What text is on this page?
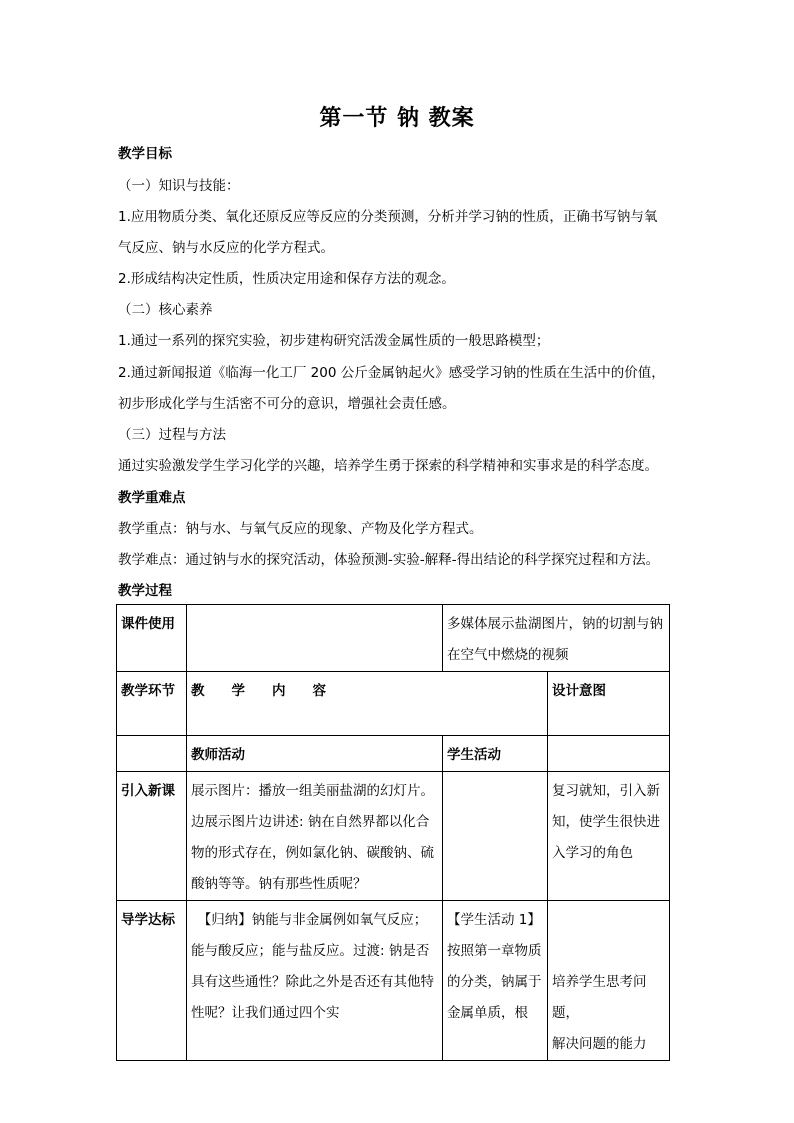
第一节 钠 教案
教学目标
（一）知识与技能：
1.应用物质分类、氧化还原反应等反应的分类预测，分析并学习钠的性质，正确书写钠与氧
气反应、钠与水反应的化学方程式。
2.形成结构决定性质，性质决定用途和保存方法的观念。
（二）核心素养
1.通过一系列的探究实验，初步建构研究活泼金属性质的一般思路模型；
2.通过新闻报道《临海一化工厂 200 公斤金属钠起火》感受学习钠的性质在生活中的价值，
初步形成化学与生活密不可分的意识，增强社会责任感。
（三）过程与方法
通过实验激发学生学习化学的兴趣，培养学生勇于探索的科学精神和实事求是的科学态度。
教学重难点
教学重点：钠与水、与氧气反应的现象、产物及化学方程式。
教学难点：通过钠与水的探究活动，体验预测-实验-解释-得出结论的科学探究过程和方法。
教学过程
课件使用		多媒体展示盐湖图片，钠的切割与钠在空气中燃烧的视频	
教学环节	教　　学　　内　　容		设计意图
	教师活动	学生活动	
引入新课	展示图片：播放一组美丽盐湖的幻灯片。边展示图片边讲述: 钠在自然界都以化合物的形式存在，例如氯化钠、碳酸钠、硫酸钠等等。钠有那些性质呢？		复习就知，引入新知，使学生很快进入学习的角色
导学达标	　【归纳】钠能与非金属例如氧气反应；能与酸反应；能与盐反应。过渡: 钠是否具有这些通性？除此之外是否还有其他特性呢？让我们通过四个实	【学生活动 1】按照第一章物质的分类，钠属于金属单质，根	培养学生思考问题，
解决问题的能力
